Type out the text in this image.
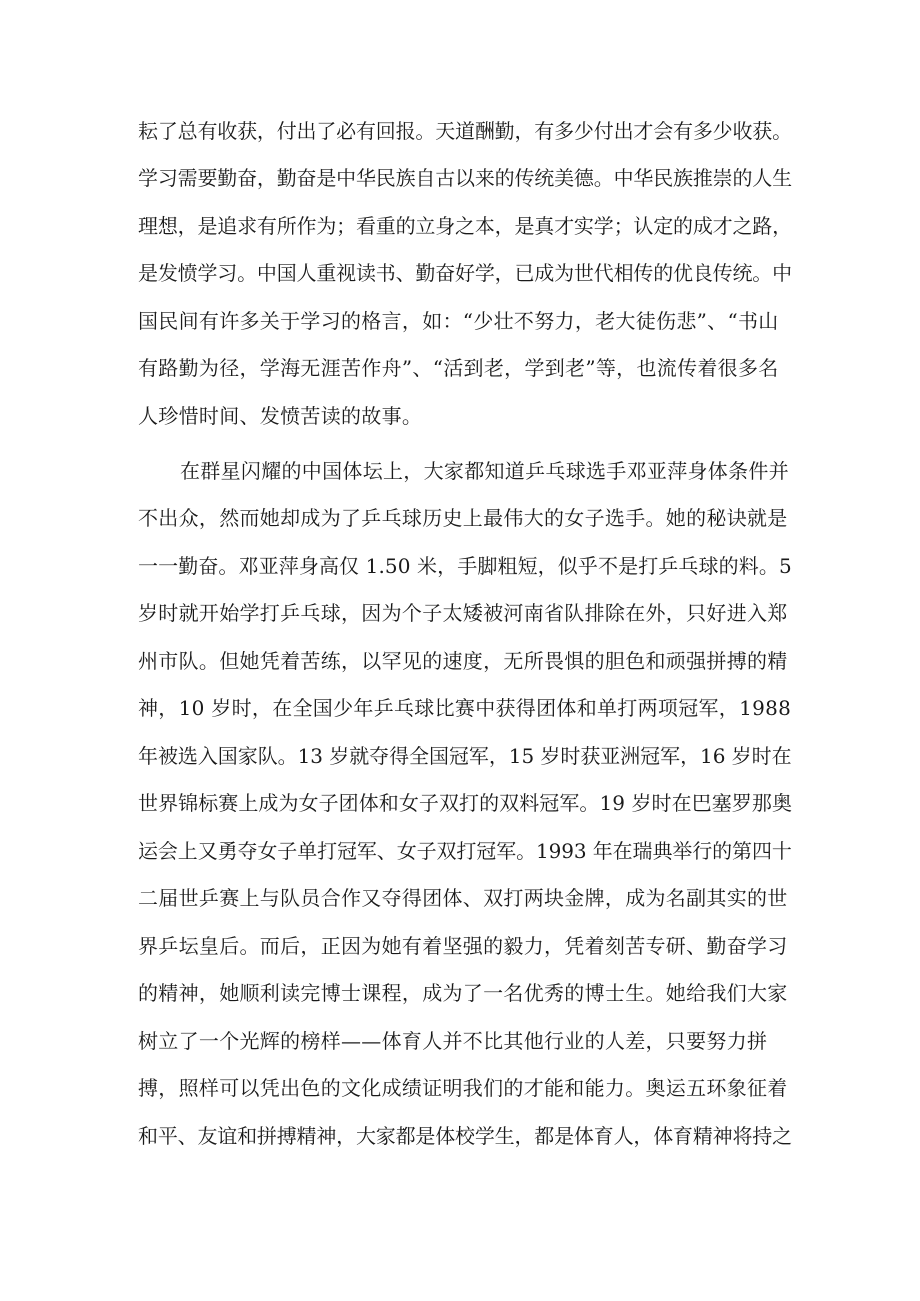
耘了总有收获，付出了必有回报。天道酬勤，有多少付出才会有多少收获。
学习需要勤奋，勤奋是中华民族自古以来的传统美德。中华民族推崇的人生
理想，是追求有所作为；看重的立身之本，是真才实学；认定的成才之路，
是发愤学习。中国人重视读书、勤奋好学，已成为世代相传的优良传统。中
国民间有许多关于学习的格言，如：“少壮不努力，老大徒伤悲”、“书山
有路勤为径，学海无涯苦作舟”、“活到老，学到老”等，也流传着很多名
人珍惜时间、发愤苦读的故事。
在群星闪耀的中国体坛上，大家都知道乒乓球选手邓亚萍身体条件并
不出众，然而她却成为了乒乓球历史上最伟大的女子选手。她的秘诀就是
一一勤奋。邓亚萍身高仅 1.50 米，手脚粗短，似乎不是打乒乓球的料。5
岁时就开始学打乒乓球，因为个子太矮被河南省队排除在外，只好进入郑
州市队。但她凭着苦练，以罕见的速度，无所畏惧的胆色和顽强拼搏的精
神，10 岁时，在全国少年乒乓球比赛中获得团体和单打两项冠军，1988
年被选入国家队。13 岁就夺得全国冠军，15 岁时获亚洲冠军，16 岁时在
世界锦标赛上成为女子团体和女子双打的双料冠军。19 岁时在巴塞罗那奥
运会上又勇夺女子单打冠军、女子双打冠军。1993 年在瑞典举行的第四十
二届世乒赛上与队员合作又夺得团体、双打两块金牌，成为名副其实的世
界乒坛皇后。而后，正因为她有着坚强的毅力，凭着刻苦专研、勤奋学习
的精神，她顺利读完博士课程，成为了一名优秀的博士生。她给我们大家
树立了一个光辉的榜样——体育人并不比其他行业的人差，只要努力拼
搏，照样可以凭出色的文化成绩证明我们的才能和能力。奥运五环象征着
和平、友谊和拼搏精神，大家都是体校学生，都是体育人，体育精神将持之
